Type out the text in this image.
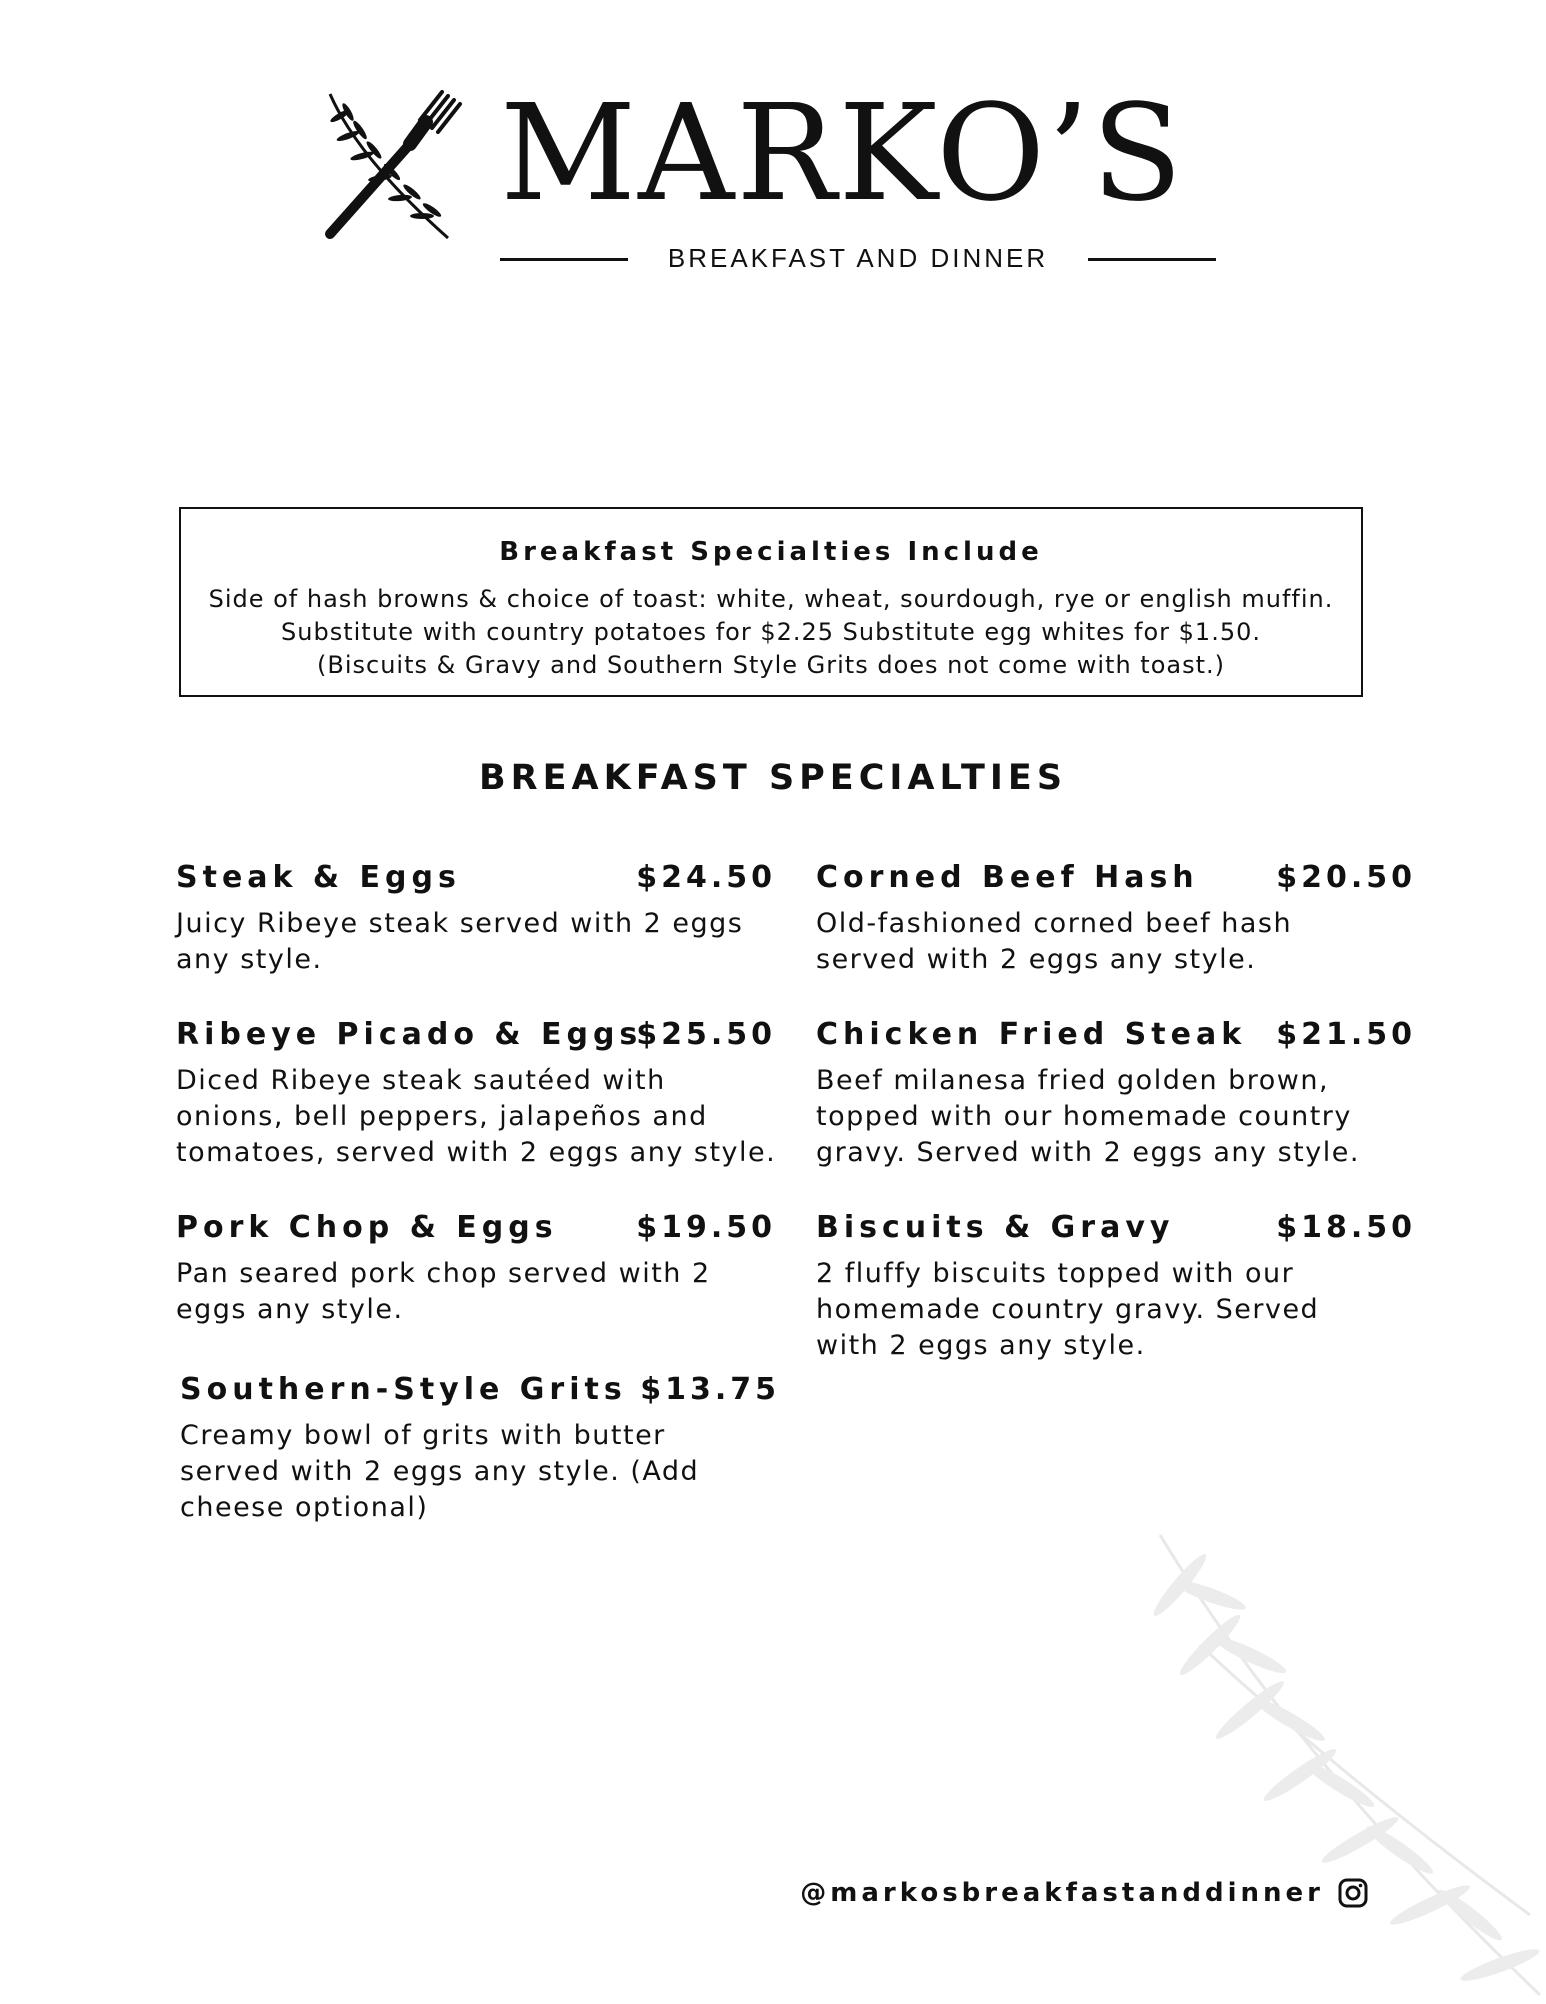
MARKO’S
BREAKFAST AND DINNER
Breakfast Specialties Include
Side of hash browns & choice of toast: white, wheat, sourdough, rye or english muffin.
Substitute with country potatoes for $2.25 Substitute egg whites for $1.50.
(Biscuits & Gravy and Southern Style Grits does not come with toast.)
BREAKFAST SPECIALTIES
Steak & Eggs	$24.50
Juicy Ribeye steak served with 2 eggs
any style.
Corned Beef Hash	$20.50
Old-fashioned corned beef hash
served with 2 eggs any style.
Ribeye Picado & Eggs
$25.50
Diced Ribeye steak sautéed with
onions, bell peppers, jalapeños and
tomatoes, served with 2 eggs any style.
Chicken Fried Steak $21.50
Beef milanesa fried golden brown,
topped with our homemade country
gravy. Served with 2 eggs any style.
Pork Chop & Eggs	$19.50
Pan seared pork chop served with 2
eggs any style.
Biscuits & Gravy	$18.50
2 fluffy biscuits topped with our
homemade country gravy. Served
with 2 eggs any style.
Southern-Style Grits $13.75
Creamy bowl of grits with butter
served with 2 eggs any style. (Add
cheese optional)
@markosbreakfastanddinner
